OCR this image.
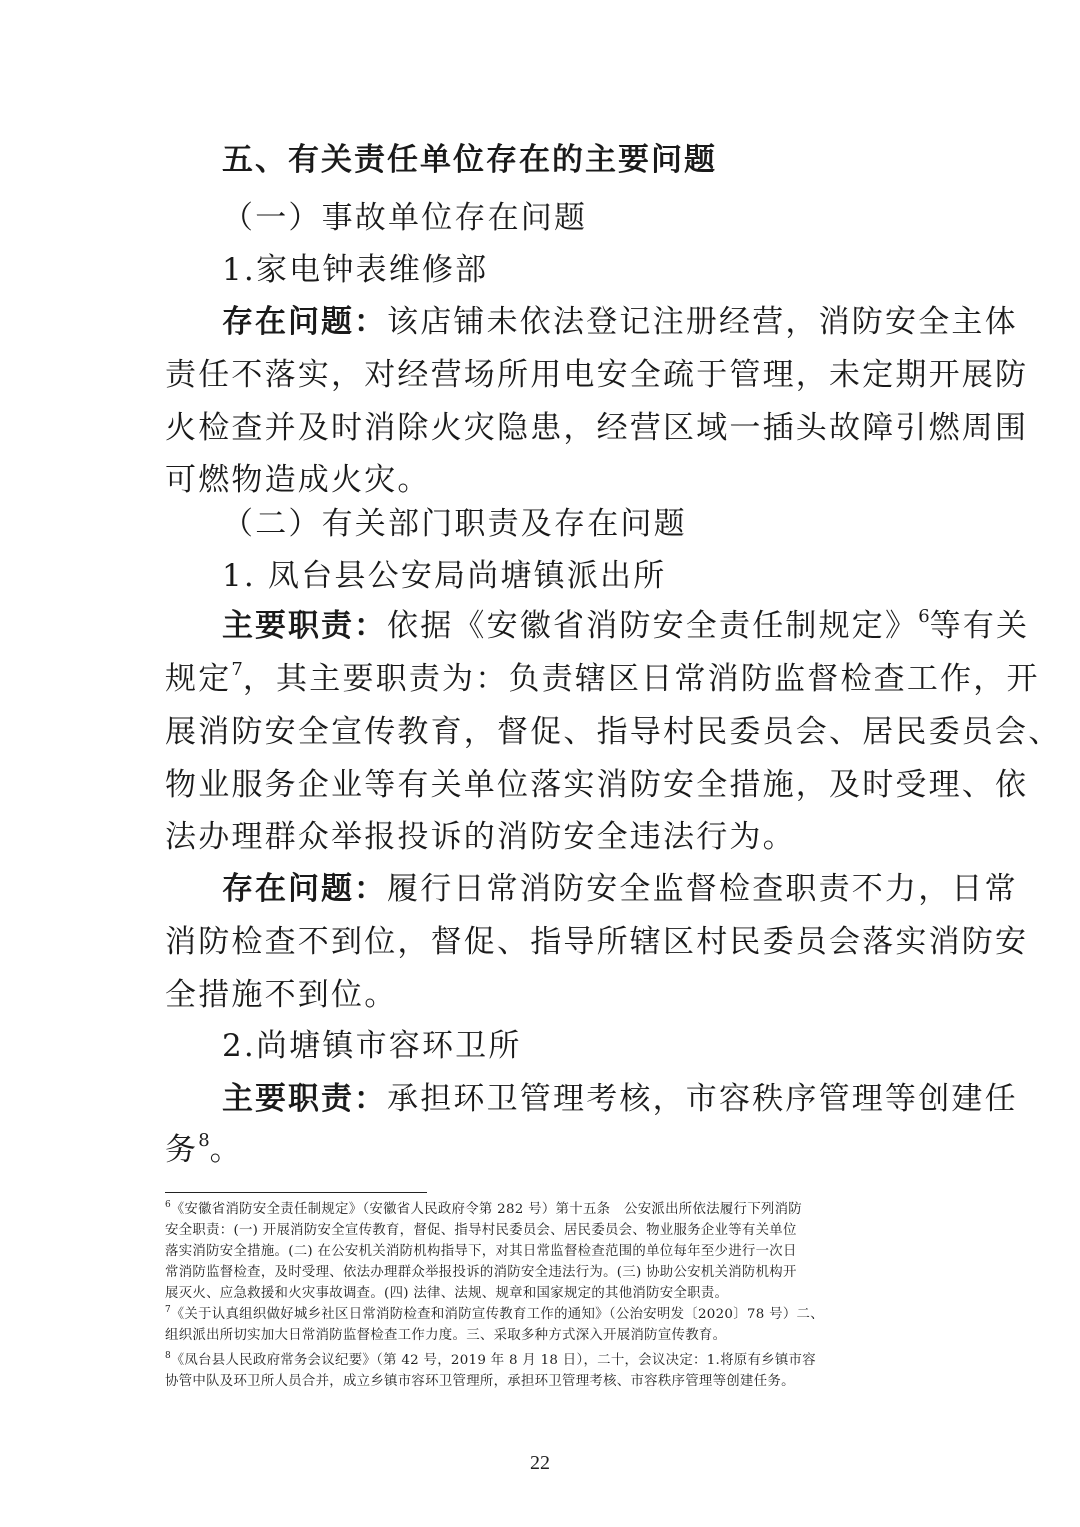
五、有关责任单位存在的主要问题
（一）事故单位存在问题
1.家电钟表维修部
存在问题：该店铺未依法登记注册经营，消防安全主体
责任不落实，对经营场所用电安全疏于管理，未定期开展防
火检查并及时消除火灾隐患，经营区域一插头故障引燃周围
可燃物造成火灾。
（二）有关部门职责及存在问题
1. 凤台县公安局尚塘镇派出所
主要职责：依据《安徽省消防安全责任制规定》$^6$等有关
规定$^7$，其主要职责为：负责辖区日常消防监督检查工作，开
展消防安全宣传教育，督促、指导村民委员会、居民委员会、
物业服务企业等有关单位落实消防安全措施，及时受理、依
法办理群众举报投诉的消防安全违法行为。
存在问题：履行日常消防安全监督检查职责不力，日常
消防检查不到位，督促、指导所辖区村民委员会落实消防安
全措施不到位。
2.尚塘镇市容环卫所
主要职责：承担环卫管理考核，市容秩序管理等创建任
务$^8$。
$^6$《安徽省消防安全责任制规定》（安徽省人民政府令第 282 号）第十五条　公安派出所依法履行下列消防
安全职责：(一) 开展消防安全宣传教育，督促、指导村民委员会、居民委员会、物业服务企业等有关单位
落实消防安全措施。(二) 在公安机关消防机构指导下，对其日常监督检查范围的单位每年至少进行一次日
常消防监督检查，及时受理、依法办理群众举报投诉的消防安全违法行为。(三) 协助公安机关消防机构开
展灭火、应急救援和火灾事故调查。(四) 法律、法规、规章和国家规定的其他消防安全职责。
$^7$《关于认真组织做好城乡社区日常消防检查和消防宣传教育工作的通知》（公治安明发〔2020〕78 号）二、
组织派出所切实加大日常消防监督检查工作力度。三、采取多种方式深入开展消防宣传教育。
$^8$《凤台县人民政府常务会议纪要》（第 42 号，2019 年 8 月 18 日），二十，会议决定：1.将原有乡镇市容
协管中队及环卫所人员合并，成立乡镇市容环卫管理所，承担环卫管理考核、市容秩序管理等创建任务。
22
